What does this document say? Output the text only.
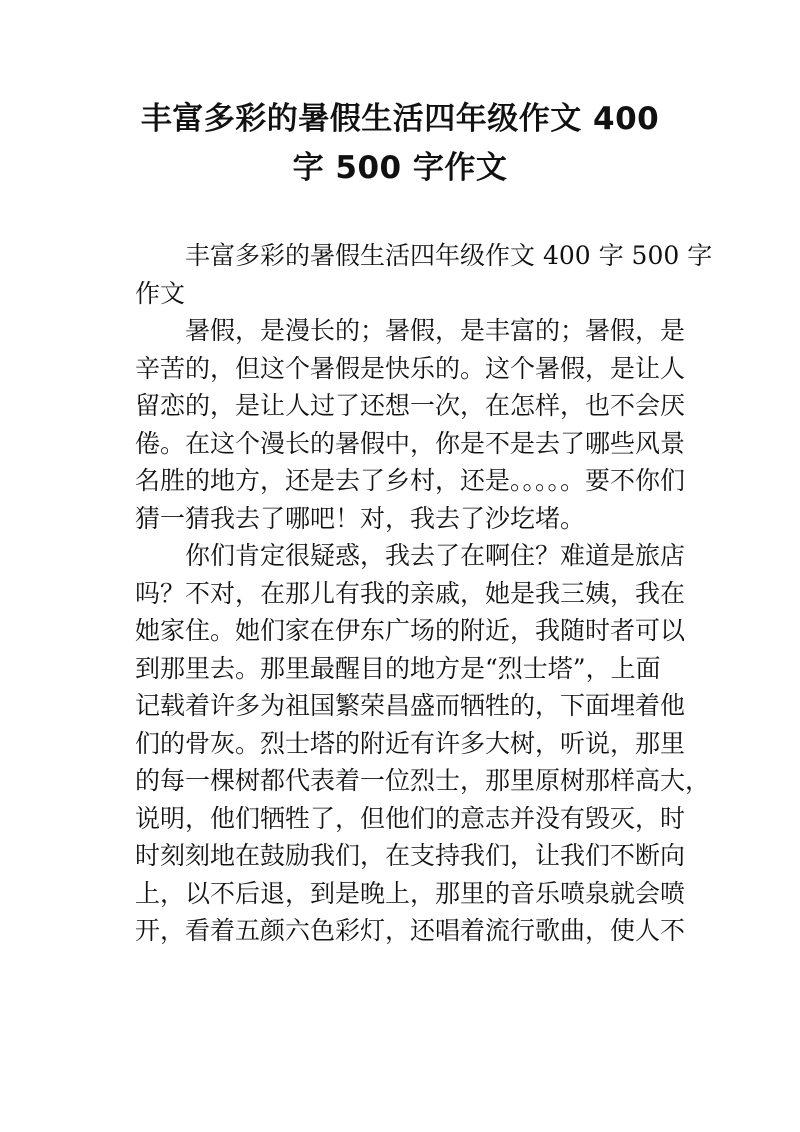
丰富多彩的暑假生活四年级作文 400
字 500 字作文

丰富多彩的暑假生活四年级作文 400 字 500 字
作文

暑假，是漫长的；暑假，是丰富的；暑假，是
辛苦的，但这个暑假是快乐的。这个暑假，是让人
留恋的，是让人过了还想一次，在怎样，也不会厌
倦。在这个漫长的暑假中，你是不是去了哪些风景
名胜的地方，还是去了乡村，还是。。。。。要不你们
猜一猜我去了哪吧！对，我去了沙圪堵。

你们肯定很疑惑，我去了在啊住？难道是旅店
吗？不对，在那儿有我的亲戚，她是我三姨，我在
她家住。她们家在伊东广场的附近，我随时者可以
到那里去。那里最醒目的地方是“烈士塔”，上面
记载着许多为祖国繁荣昌盛而牺牲的，下面埋着他
们的骨灰。烈士塔的附近有许多大树，听说，那里
的每一棵树都代表着一位烈士，那里原树那样高大，
说明，他们牺牲了，但他们的意志并没有毁灭，时
时刻刻地在鼓励我们，在支持我们，让我们不断向
上，以不后退，到是晚上，那里的音乐喷泉就会喷
开，看着五颜六色彩灯，还唱着流行歌曲，使人不
